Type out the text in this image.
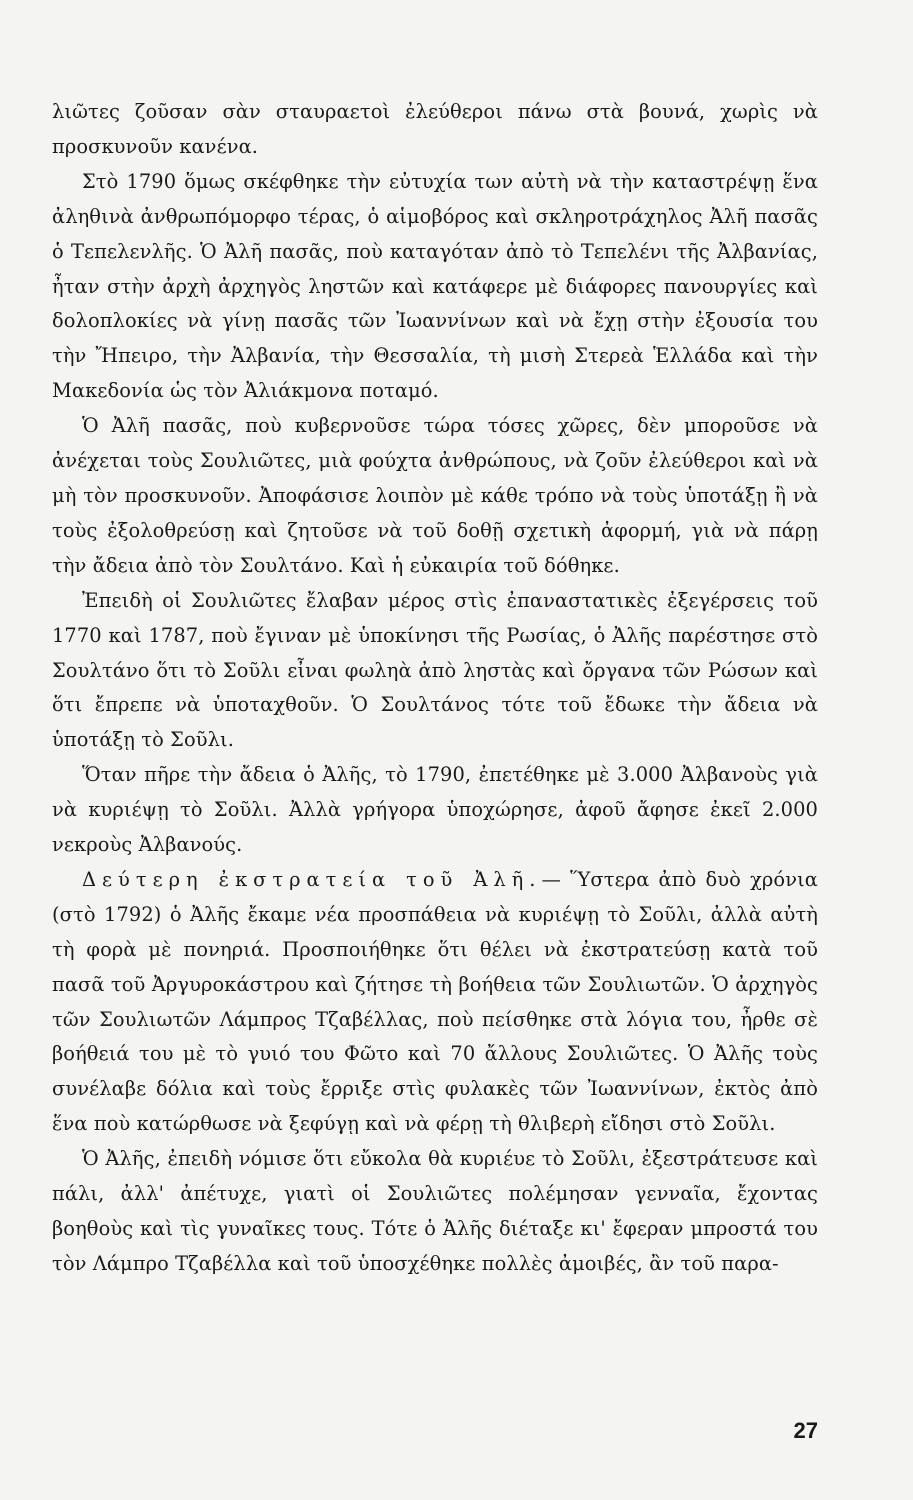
λιῶτες ζοῦσαν σὰν σταυραετοὶ ἐλεύθεροι πάνω στὰ βουνά, χωρὶς νὰ προσκυνοῦν κανένα.

Στὸ 1790 ὅμως σκέφθηκε τὴν εὐτυχία των αὐτὴ νὰ τὴν καταστρέψῃ ἕνα ἀληθινὰ ἀνθρωπόμορφο τέρας, ὁ αἱμοβόρος καὶ σκληροτράχηλος Ἀλῆ πασᾶς ὁ Τεπελενλῆς. Ὁ Ἀλῆ πασᾶς, ποὺ καταγόταν ἀπὸ τὸ Τεπελένι τῆς Ἀλβανίας, ἦταν στὴν ἀρχὴ ἀρχηγὸς ληστῶν καὶ κατάφερε μὲ διάφορες πανουργίες καὶ δολοπλοκίες νὰ γίνῃ πασᾶς τῶν Ἰωαννίνων καὶ νὰ ἔχῃ στὴν ἐξουσία του τὴν Ἤπειρο, τὴν Ἀλβανία, τὴν Θεσσαλία, τὴ μισὴ Στερεὰ Ἑλλάδα καὶ τὴν Μακεδονία ὡς τὸν Ἀλιάκμονα ποταμό.

Ὁ Ἀλῆ πασᾶς, ποὺ κυβερνοῦσε τώρα τόσες χῶρες, δὲν μποροῦσε νὰ ἀνέχεται τοὺς Σουλιῶτες, μιὰ φούχτα ἀνθρώπους, νὰ ζοῦν ἐλεύθεροι καὶ νὰ μὴ τὸν προσκυνοῦν. Ἀποφάσισε λοιπὸν μὲ κάθε τρόπο νὰ τοὺς ὑποτάξῃ ἢ νὰ τοὺς ἐξολοθρεύσῃ καὶ ζητοῦσε νὰ τοῦ δοθῇ σχετικὴ ἀφορμή, γιὰ νὰ πάρῃ τὴν ἄδεια ἀπὸ τὸν Σουλτάνο. Καὶ ἡ εὐκαιρία τοῦ δόθηκε.

Ἐπειδὴ οἱ Σουλιῶτες ἔλαβαν μέρος στὶς ἐπαναστατικὲς ἐξεγέρσεις τοῦ 1770 καὶ 1787, ποὺ ἔγιναν μὲ ὑποκίνησι τῆς Ρωσίας, ὁ Ἀλῆς παρέστησε στὸ Σουλτάνο ὅτι τὸ Σοῦλι εἶναι φωληὰ ἀπὸ ληστὰς καὶ ὄργανα τῶν Ρώσων καὶ ὅτι ἔπρεπε νὰ ὑποταχθοῦν. Ὁ Σουλτάνος τότε τοῦ ἔδωκε τὴν ἄδεια νὰ ὑποτάξῃ τὸ Σοῦλι.

Ὅταν πῆρε τὴν ἄδεια ὁ Ἀλῆς, τὸ 1790, ἐπετέθηκε μὲ 3.000 Ἀλβανοὺς γιὰ νὰ κυριέψῃ τὸ Σοῦλι. Ἀλλὰ γρήγορα ὑποχώρησε, ἀφοῦ ἄφησε ἐκεῖ 2.000 νεκροὺς Ἀλβανούς.

Δεύτερη ἐκστρατεία τοῦ Ἀλῆ.— Ὕστερα ἀπὸ δυὸ χρόνια (στὸ 1792) ὁ Ἀλῆς ἔκαμε νέα προσπάθεια νὰ κυριέψῃ τὸ Σοῦλι, ἀλλὰ αὐτὴ τὴ φορὰ μὲ πονηριά. Προσποιήθηκε ὅτι θέλει νὰ ἐκστρατεύσῃ κατὰ τοῦ πασᾶ τοῦ Ἀργυροκάστρου καὶ ζήτησε τὴ βοήθεια τῶν Σουλιωτῶν. Ὁ ἀρχηγὸς τῶν Σουλιωτῶν Λάμπρος Τζαβέλλας, ποὺ πείσθηκε στὰ λόγια του, ἦρθε σὲ βοήθειά του μὲ τὸ γυιό του Φῶτο καὶ 70 ἄλλους Σουλιῶτες. Ὁ Ἀλῆς τοὺς συνέλαβε δόλια καὶ τοὺς ἔρριξε στὶς φυλακὲς τῶν Ἰωαννίνων, ἐκτὸς ἀπὸ ἕνα ποὺ κατώρθωσε νὰ ξεφύγῃ καὶ νὰ φέρῃ τὴ θλιβερὴ εἴδησι στὸ Σοῦλι.

Ὁ Ἀλῆς, ἐπειδὴ νόμισε ὅτι εὔκολα θὰ κυριέυε τὸ Σοῦλι, ἐξεστράτευσε καὶ πάλι, ἀλλ' ἀπέτυχε, γιατὶ οἱ Σουλιῶτες πολέμησαν γενναῖα, ἔχοντας βοηθοὺς καὶ τὶς γυναῖκες τους. Τότε ὁ Ἀλῆς διέταξε κι' ἔφεραν μπροστά του τὸν Λάμπρο Τζαβέλλα καὶ τοῦ ὑποσχέθηκε πολλὲς ἀμοιβές, ἂν τοῦ παρα-

27
